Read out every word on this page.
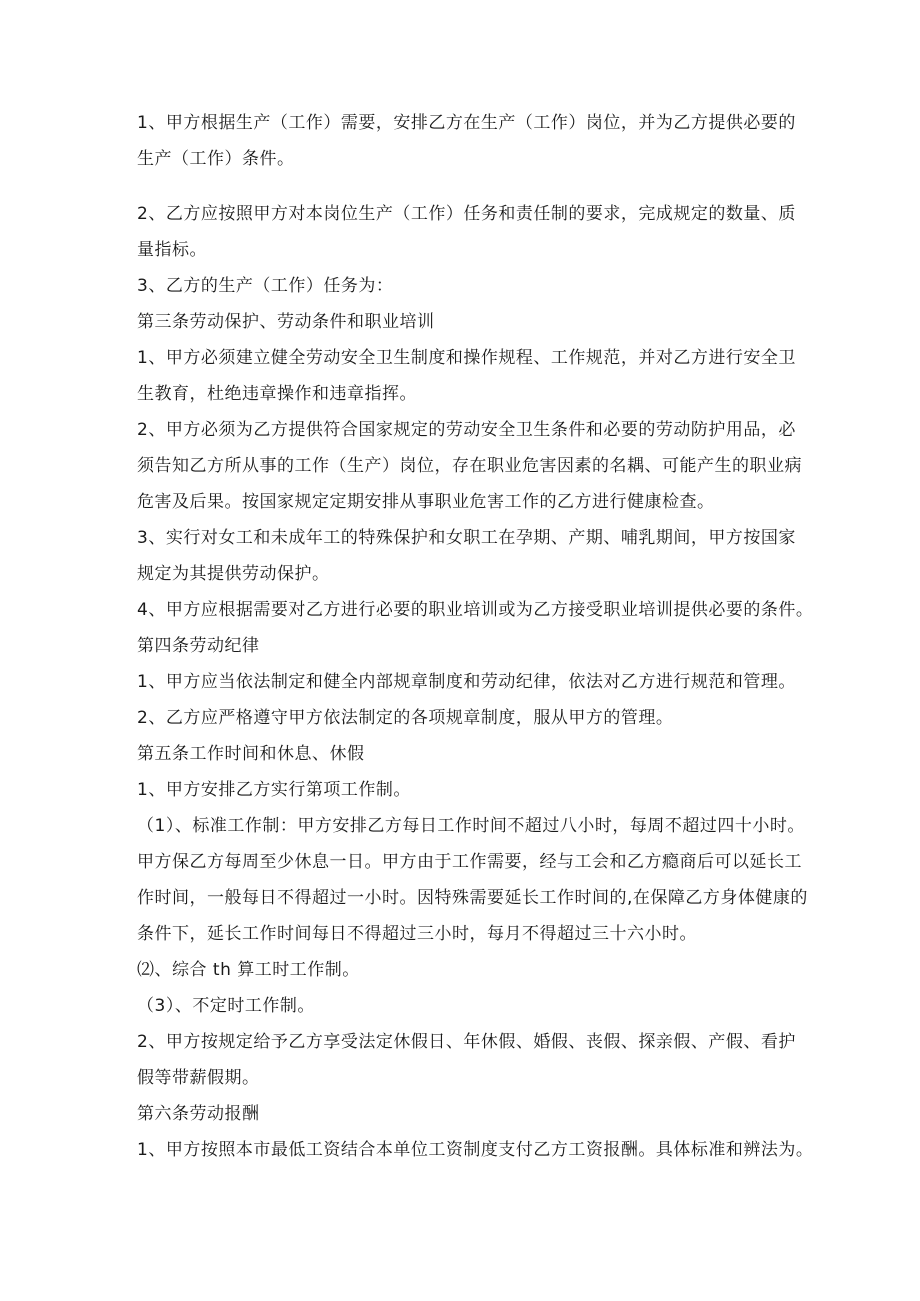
1、甲方根据生产（工作）需要，安排乙方在生产（工作）岗位，并为乙方提供必要的
生产（工作）条件。

2、乙方应按照甲方对本岗位生产（工作）任务和责任制的要求，完成规定的数量、质
量指标。

3、乙方的生产（工作）任务为：

第三条劳动保护、劳动条件和职业培训

1、甲方必须建立健全劳动安全卫生制度和操作规程、工作规范，并对乙方进行安全卫
生教育，杜绝违章操作和违章指挥。

2、甲方必须为乙方提供符合国家规定的劳动安全卫生条件和必要的劳动防护用品，必
须告知乙方所从事的工作（生产）岗位，存在职业危害因素的名耦、可能产生的职业病
危害及后果。按国家规定定期安排从事职业危害工作的乙方进行健康检查。

3、实行对女工和未成年工的特殊保护和女职工在孕期、产期、哺乳期间，甲方按国家
规定为其提供劳动保护。

4、甲方应根据需要对乙方进行必要的职业培训或为乙方接受职业培训提供必要的条件。

第四条劳动纪律

1、甲方应当依法制定和健全内部规章制度和劳动纪律，依法对乙方进行规范和管理。

2、乙方应严格遵守甲方依法制定的各项规章制度，服从甲方的管理。

第五条工作时间和休息、休假

1、甲方安排乙方实行第项工作制。

（1）、标准工作制：甲方安排乙方每日工作时间不超过八小时，每周不超过四十小时。
甲方保乙方每周至少休息一日。甲方由于工作需要，经与工会和乙方瘾商后可以延长工
作时间，一般每日不得超过一小时。因特殊需要延长工作时间的,在保障乙方身体健康的
条件下，延长工作时间每日不得超过三小时，每月不得超过三十六小时。

⑵、综合 th 算工时工作制。

（3）、不定时工作制。

2、甲方按规定给予乙方享受法定休假日、年休假、婚假、丧假、探亲假、产假、看护
假等带薪假期。

第六条劳动报酬

1、甲方按照本市最低工资结合本单位工资制度支付乙方工资报酬。具体标准和辨法为。
